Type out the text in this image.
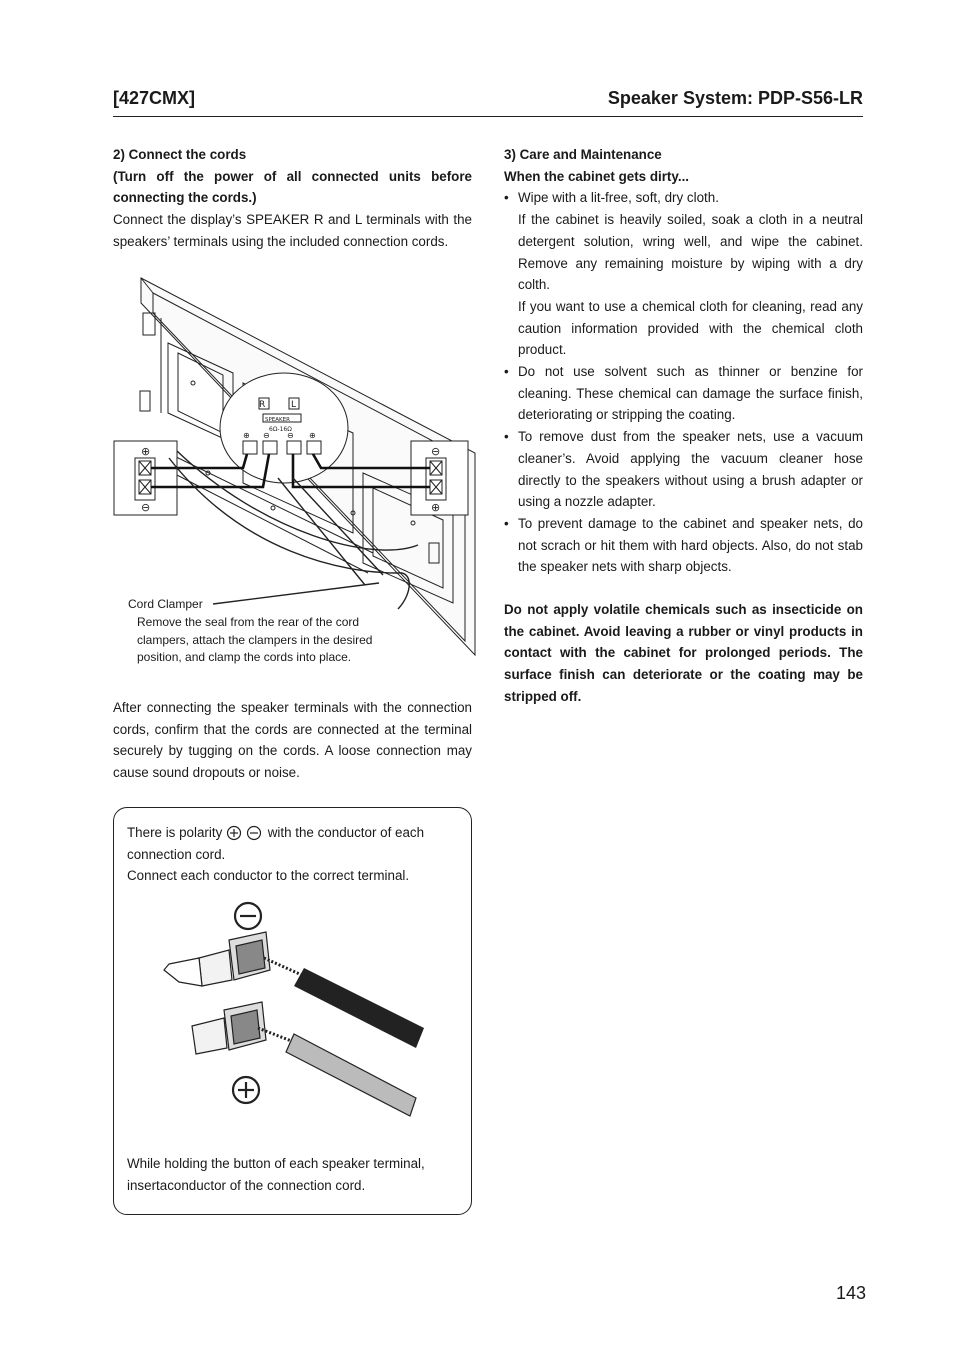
[427CMX]	Speaker System: PDP-S56-LR

2) Connect the cords

(Turn off the power of all connected units before connecting the cords.)

Connect the display’s SPEAKER R and L terminals with the speakers’ terminals using the included connection cords.

R	L
SPEAKER
6Ω-16Ω
⊕ ⊖ ⊖ ⊕
⊕
⊖
⊖
⊕
Cord Clamper
Remove the seal from the rear of the cord clampers, attach the clampers in the desired position, and clamp the cords into place.
After connecting the speaker terminals with the connection cords, confirm that the cords are connected at the terminal securely by tugging on the cords. A loose connection may cause sound dropouts or noise.
There is polarity	with the conductor of each connection cord.
Connect each conductor to the correct terminal.
While holding the button of each speaker terminal, insertaconductor of the connection cord.

3) Care and Maintenance

When the cabinet gets dirty...

• Wipe with a lit-free, soft, dry cloth.
If the cabinet is heavily soiled, soak a cloth in a neutral detergent solution, wring well, and wipe the cabinet. Remove any remaining moisture by wiping with a dry colth.
If you want to use a chemical cloth for cleaning, read any caution information provided with the chemical cloth product.
• Do not use solvent such as thinner or benzine for cleaning. These chemical can damage the surface finish, deteriorating or stripping the coating.
• To remove dust from the speaker nets, use a vacuum cleaner’s. Avoid applying the vacuum cleaner hose directly to the speakers without using a brush adapter or using a nozzle adapter.
• To prevent damage to the cabinet and speaker nets, do not scrach or hit them with hard objects. Also, do not stab the speaker nets with sharp objects.

Do not apply volatile chemicals such as insecticide on the cabinet. Avoid leaving a rubber or vinyl products in contact with the cabinet for prolonged periods. The surface finish can deteriorate or the coating may be stripped off.

143
